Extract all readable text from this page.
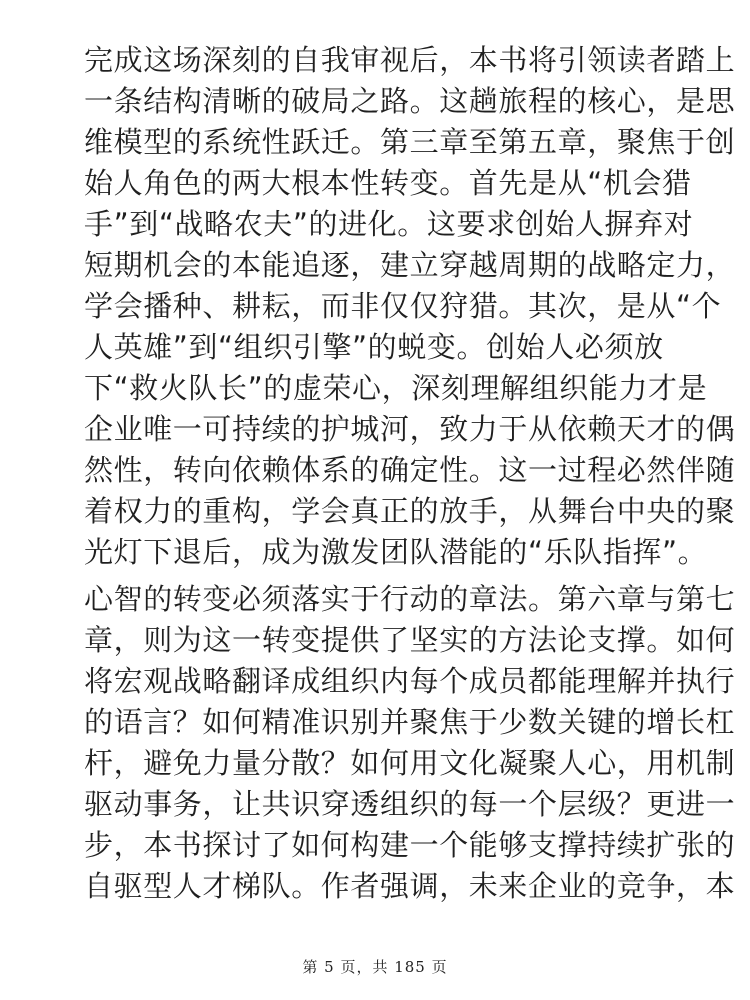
完成这场深刻的自我审视后，本书将引领读者踏上
一条结构清晰的破局之路。这趟旅程的核心，是思
维模型的系统性跃迁。第三章至第五章，聚焦于创
始人角色的两大根本性转变。首先是从“机会猎
手”到“战略农夫”的进化。这要求创始人摒弃对
短期机会的本能追逐，建立穿越周期的战略定力，
学会播种、耕耘，而非仅仅狩猎。其次，是从“个
人英雄”到“组织引擎”的蜕变。创始人必须放
下“救火队长”的虚荣心，深刻理解组织能力才是
企业唯一可持续的护城河，致力于从依赖天才的偶
然性，转向依赖体系的确定性。这一过程必然伴随
着权力的重构，学会真正的放手，从舞台中央的聚
光灯下退后，成为激发团队潜能的“乐队指挥”。
心智的转变必须落实于行动的章法。第六章与第七
章，则为这一转变提供了坚实的方法论支撑。如何
将宏观战略翻译成组织内每个成员都能理解并执行
的语言？如何精准识别并聚焦于少数关键的增长杠
杆，避免力量分散？如何用文化凝聚人心，用机制
驱动事务，让共识穿透组织的每一个层级？更进一
步，本书探讨了如何构建一个能够支撑持续扩张的
自驱型人才梯队。作者强调，未来企业的竞争，本
第 5 页，共 185 页
